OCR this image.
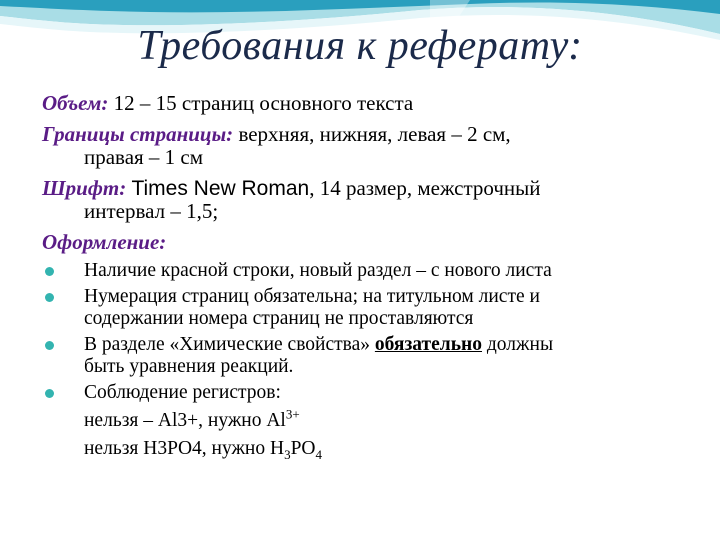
Требования к реферату:

Объем: 12 – 15 страниц основного текста

Границы страницы: верхняя, нижняя, левая – 2 см,
правая – 1 см

Шрифт: Times New Roman, 14 размер, межстрочный
интервал – 1,5;

Оформление:
Наличие красной строки, новый раздел – с нового листа
Нумерация страниц обязательна; на титульном листе и
содержании номера страниц не проставляются
В разделе «Химические свойства» обязательно должны
быть уравнения реакций.
Соблюдение регистров:
нельзя – Al3+, нужно $Al^{3+}$
нельзя H3PO4, нужно $H_3PO_4$
